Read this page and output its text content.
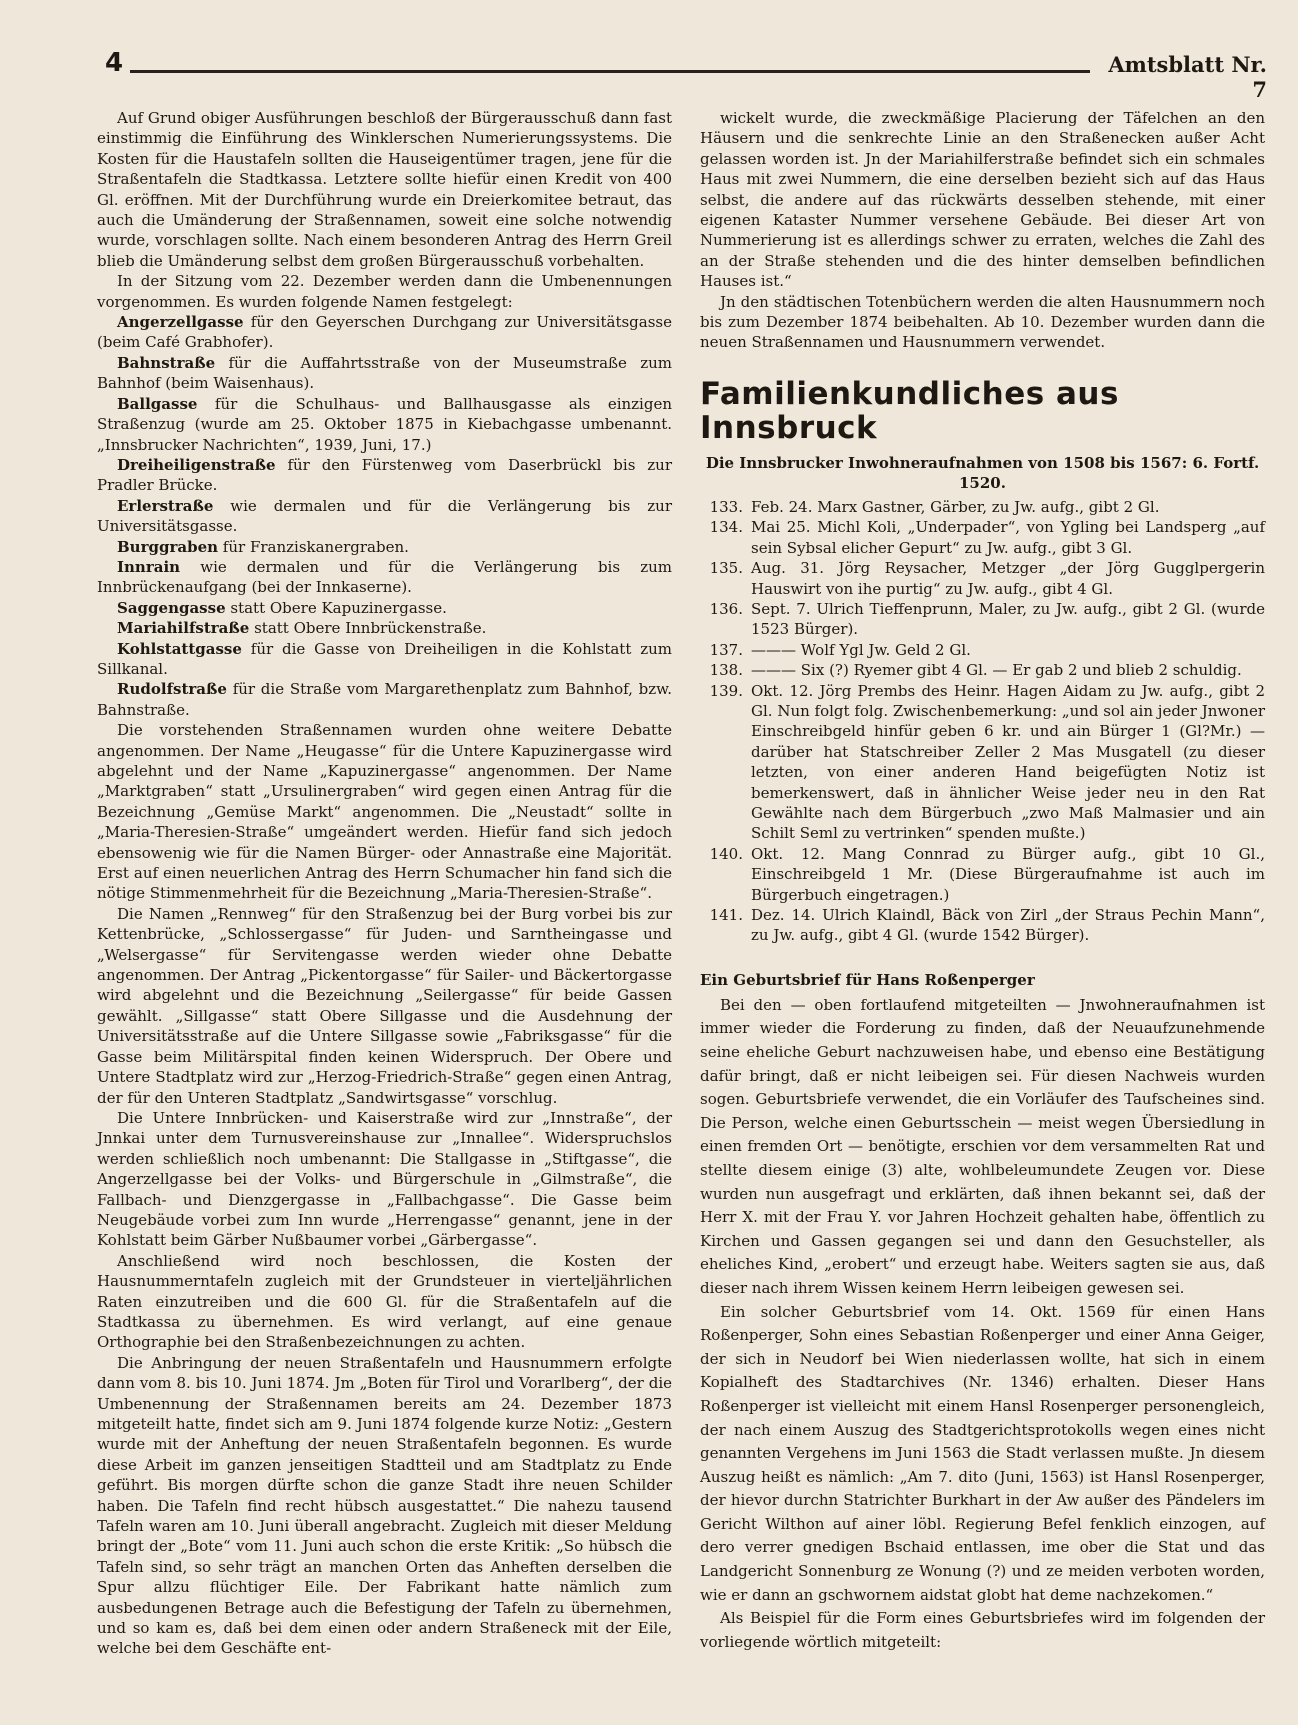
4	Amtsblatt Nr. 7

Auf Grund obiger Ausführungen beschloß der Bürgerausschuß dann fast einstimmig die Einführung des Winklerschen Numerierungssystems. Die Kosten für die Haustafeln sollten die Hauseigentümer tragen, jene für die Straßentafeln die Stadtkassa. Letztere sollte hiefür einen Kredit von 400 Gl. eröffnen. Mit der Durchführung wurde ein Dreierkomitee betraut, das auch die Umänderung der Straßennamen, soweit eine solche notwendig wurde, vorschlagen sollte. Nach einem besonderen Antrag des Herrn Greil blieb die Umänderung selbst dem großen Bürgerausschuß vorbehalten.

In der Sitzung vom 22. Dezember werden dann die Umbenennungen vorgenommen. Es wurden folgende Namen festgelegt:

Angerzellgasse für den Geyerschen Durchgang zur Universitätsgasse (beim Café Grabhofer).

Bahnstraße für die Auffahrtsstraße von der Museumstraße zum Bahnhof (beim Waisenhaus).

Ballgasse für die Schulhaus- und Ballhausgasse als einzigen Straßenzug (wurde am 25. Oktober 1875 in Kiebachgasse umbenannt. „Innsbrucker Nachrichten“, 1939, Juni, 17.)

Dreiheiligenstraße für den Fürstenweg vom Daserbrückl bis zur Pradler Brücke.

Erlerstraße wie dermalen und für die Verlängerung bis zur Universitätsgasse.

Burggraben für Franziskanergraben.

Innrain wie dermalen und für die Verlängerung bis zum Innbrückenaufgang (bei der Innkaserne).

Saggengasse statt Obere Kapuzinergasse.

Mariahilfstraße statt Obere Innbrückenstraße.

Kohlstattgasse für die Gasse von Dreiheiligen in die Kohlstatt zum Sillkanal.

Rudolfstraße für die Straße vom Margarethenplatz zum Bahnhof, bzw. Bahnstraße.

Die vorstehenden Straßennamen wurden ohne weitere Debatte angenommen. Der Name „Heugasse“ für die Untere Kapuzinergasse wird abgelehnt und der Name „Kapuzinergasse“ angenommen. Der Name „Marktgraben“ statt „Ursulinergraben“ wird gegen einen Antrag für die Bezeichnung „Gemüse Markt“ angenommen. Die „Neustadt“ sollte in „Maria-Theresien-Straße“ umgeändert werden. Hiefür fand sich jedoch ebensowenig wie für die Namen Bürger- oder Annastraße eine Majorität. Erst auf einen neuerlichen Antrag des Herrn Schumacher hin fand sich die nötige Stimmenmehrheit für die Bezeichnung „Maria-Theresien-Straße“.

Die Namen „Rennweg“ für den Straßenzug bei der Burg vorbei bis zur Kettenbrücke, „Schlossergasse“ für Juden- und Sarntheingasse und „Welsergasse“ für Servitengasse werden wieder ohne Debatte angenommen. Der Antrag „Pickentorgasse“ für Sailer- und Bäckertorgasse wird abgelehnt und die Bezeichnung „Seilergasse“ für beide Gassen gewählt. „Sillgasse“ statt Obere Sillgasse und die Ausdehnung der Universitätsstraße auf die Untere Sillgasse sowie „Fabriksgasse“ für die Gasse beim Militärspital finden keinen Widerspruch. Der Obere und Untere Stadtplatz wird zur „Herzog-Friedrich-Straße“ gegen einen Antrag, der für den Unteren Stadtplatz „Sandwirtsgasse“ vorschlug.

Die Untere Innbrücken- und Kaiserstraße wird zur „Innstraße“, der Jnnkai unter dem Turnusvereinshause zur „Innallee“. Widerspruchslos werden schließlich noch umbenannt: Die Stallgasse in „Stiftgasse“, die Angerzellgasse bei der Volks- und Bürgerschule in „Gilmstraße“, die Fallbach- und Dienzgergasse in „Fallbachgasse“. Die Gasse beim Neugebäude vorbei zum Inn wurde „Herrengasse“ genannt, jene in der Kohlstatt beim Gärber Nußbaumer vorbei „Gärbergasse“.

Anschließend wird noch beschlossen, die Kosten der Hausnummerntafeln zugleich mit der Grundsteuer in vierteljährlichen Raten einzutreiben und die 600 Gl. für die Straßentafeln auf die Stadtkassa zu übernehmen. Es wird verlangt, auf eine genaue Orthographie bei den Straßenbezeichnungen zu achten.

Die Anbringung der neuen Straßentafeln und Hausnummern erfolgte dann vom 8. bis 10. Juni 1874. Jm „Boten für Tirol und Vorarlberg“, der die Umbenennung der Straßennamen bereits am 24. Dezember 1873 mitgeteilt hatte, findet sich am 9. Juni 1874 folgende kurze Notiz: „Gestern wurde mit der Anheftung der neuen Straßentafeln begonnen. Es wurde diese Arbeit im ganzen jenseitigen Stadtteil und am Stadtplatz zu Ende geführt. Bis morgen dürfte schon die ganze Stadt ihre neuen Schilder haben. Die Tafeln find recht hübsch ausgestattet.“ Die nahezu tausend Tafeln waren am 10. Juni überall angebracht. Zugleich mit dieser Meldung bringt der „Bote“ vom 11. Juni auch schon die erste Kritik: „So hübsch die Tafeln sind, so sehr trägt an manchen Orten das Anheften derselben die Spur allzu flüchtiger Eile. Der Fabrikant hatte nämlich zum ausbedungenen Betrage auch die Befestigung der Tafeln zu übernehmen, und so kam es, daß bei dem einen oder andern Straßeneck mit der Eile, welche bei dem Geschäfte ent-

wickelt wurde, die zweckmäßige Placierung der Täfelchen an den Häusern und die senkrechte Linie an den Straßenecken außer Acht gelassen worden ist. Jn der Mariahilferstraße befindet sich ein schmales Haus mit zwei Nummern, die eine derselben bezieht sich auf das Haus selbst, die andere auf das rückwärts desselben stehende, mit einer eigenen Kataster Nummer versehene Gebäude. Bei dieser Art von Nummerierung ist es allerdings schwer zu erraten, welches die Zahl des an der Straße stehenden und die des hinter demselben befindlichen Hauses ist.“

Jn den städtischen Totenbüchern werden die alten Hausnummern noch bis zum Dezember 1874 beibehalten. Ab 10. Dezember wurden dann die neuen Straßennamen und Hausnummern verwendet.

Familienkundliches aus Innsbruck
Die Innsbrucker Inwohneraufnahmen von 1508 bis 1567: 6. Fortf. 1520.
133. Feb. 24. Marx Gastner, Gärber, zu Jw. aufg., gibt 2 Gl.
134. Mai 25. Michl Koli, „Underpader“, von Ygling bei Landsperg „auf sein Sybsal elicher Gepurt“ zu Jw. aufg., gibt 3 Gl.
135. Aug. 31. Jörg Reysacher, Metzger „der Jörg Gugglpergerin Hauswirt von ihe purtig“ zu Jw. aufg., gibt 4 Gl.
136. Sept. 7. Ulrich Tieffenprunn, Maler, zu Jw. aufg., gibt 2 Gl. (wurde 1523 Bürger).
137. ——— Wolf Ygl Jw. Geld 2 Gl.
138. ——— Six (?) Ryemer gibt 4 Gl. — Er gab 2 und blieb 2 schuldig.
139. Okt. 12. Jörg Prembs des Heinr. Hagen Aidam zu Jw. aufg., gibt 2 Gl. Nun folgt folg. Zwischenbemerkung: „und sol ain jeder Jnwoner Einschreibgeld hinfür geben 6 kr. und ain Bürger 1 (Gl?Mr.) — darüber hat Statschreiber Zeller 2 Mas Musgatell (zu dieser letzten, von einer anderen Hand beigefügten Notiz ist bemerkenswert, daß in ähnlicher Weise jeder neu in den Rat Gewählte nach dem Bürgerbuch „zwo Maß Malmasier und ain Schilt Seml zu vertrinken“ spenden mußte.)
140. Okt. 12. Mang Connrad zu Bürger aufg., gibt 10 Gl., Einschreibgeld 1 Mr. (Diese Bürgeraufnahme ist auch im Bürgerbuch eingetragen.)
141. Dez. 14. Ulrich Klaindl, Bäck von Zirl „der Straus Pechin Mann“, zu Jw. aufg., gibt 4 Gl. (wurde 1542 Bürger).
Ein Geburtsbrief für Hans Roßenperger

Bei den — oben fortlaufend mitgeteilten — Jnwohneraufnahmen ist immer wieder die Forderung zu finden, daß der Neuaufzunehmende seine eheliche Geburt nachzuweisen habe, und ebenso eine Bestätigung dafür bringt, daß er nicht leibeigen sei. Für diesen Nachweis wurden sogen. Geburtsbriefe verwendet, die ein Vorläufer des Taufscheines sind. Die Person, welche einen Geburtsschein — meist wegen Übersiedlung in einen fremden Ort — benötigte, erschien vor dem versammelten Rat und stellte diesem einige (3) alte, wohlbeleumundete Zeugen vor. Diese wurden nun ausgefragt und erklärten, daß ihnen bekannt sei, daß der Herr X. mit der Frau Y. vor Jahren Hochzeit gehalten habe, öffentlich zu Kirchen und Gassen gegangen sei und dann den Gesuchsteller, als eheliches Kind, „erobert“ und erzeugt habe. Weiters sagten sie aus, daß dieser nach ihrem Wissen keinem Herrn leibeigen gewesen sei.

Ein solcher Geburtsbrief vom 14. Okt. 1569 für einen Hans Roßenperger, Sohn eines Sebastian Roßenperger und einer Anna Geiger, der sich in Neudorf bei Wien niederlassen wollte, hat sich in einem Kopialheft des Stadtarchives (Nr. 1346) erhalten. Dieser Hans Roßenperger ist vielleicht mit einem Hansl Rosenperger personengleich, der nach einem Auszug des Stadtgerichtsprotokolls wegen eines nicht genannten Vergehens im Juni 1563 die Stadt verlassen mußte. Jn diesem Auszug heißt es nämlich: „Am 7. dito (Juni, 1563) ist Hansl Rosenperger, der hievor durchn Statrichter Burkhart in der Aw außer des Pändelers im Gericht Wilthon auf ainer löbl. Regierung Befel fenklich einzogen, auf dero verrer gnedigen Bschaid entlassen, ime ober die Stat und das Landgericht Sonnenburg ze Wonung (?) und ze meiden verboten worden, wie er dann an gschwornem aidstat globt hat deme nachzekomen.“

Als Beispiel für die Form eines Geburtsbriefes wird im folgenden der vorliegende wörtlich mitgeteilt:
